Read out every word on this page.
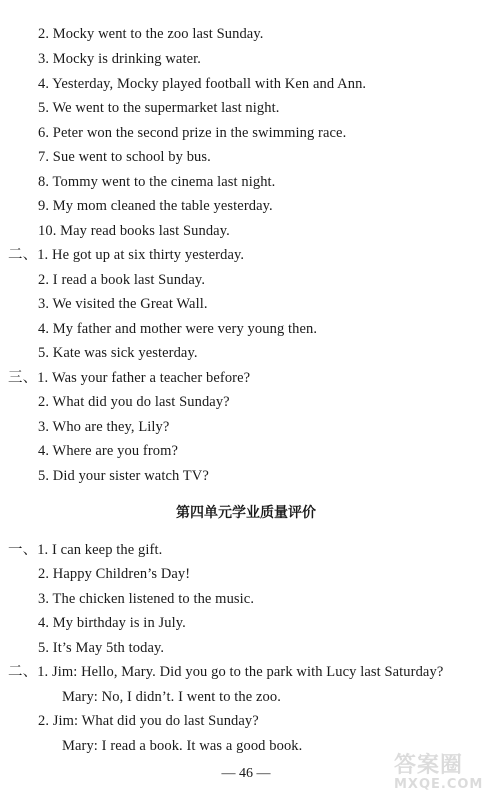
2. Mocky went to the zoo last Sunday.
3. Mocky is drinking water.
4. Yesterday, Mocky played football with Ken and Ann.
5. We went to the supermarket last night.
6. Peter won the second prize in the swimming race.
7. Sue went to school by bus.
8. Tommy went to the cinema last night.
9. My mom cleaned the table yesterday.
10. May read books last Sunday.
二、1. He got up at six thirty yesterday.
2. I read a book last Sunday.
3. We visited the Great Wall.
4. My father and mother were very young then.
5. Kate was sick yesterday.
三、1. Was your father a teacher before?
2. What did you do last Sunday?
3. Who are they, Lily?
4. Where are you from?
5. Did your sister watch TV?
第四单元学业质量评价
一、1. I can keep the gift.
2. Happy Children’s Day!
3. The chicken listened to the music.
4. My birthday is in July.
5. It’s May 5th today.
二、1. Jim: Hello, Mary. Did you go to the park with Lucy last Saturday?
Mary: No, I didn’t. I went to the zoo.
2. Jim: What did you do last Sunday?
Mary: I read a book. It was a good book.
— 46 —	答案圈
MXQE.COM
